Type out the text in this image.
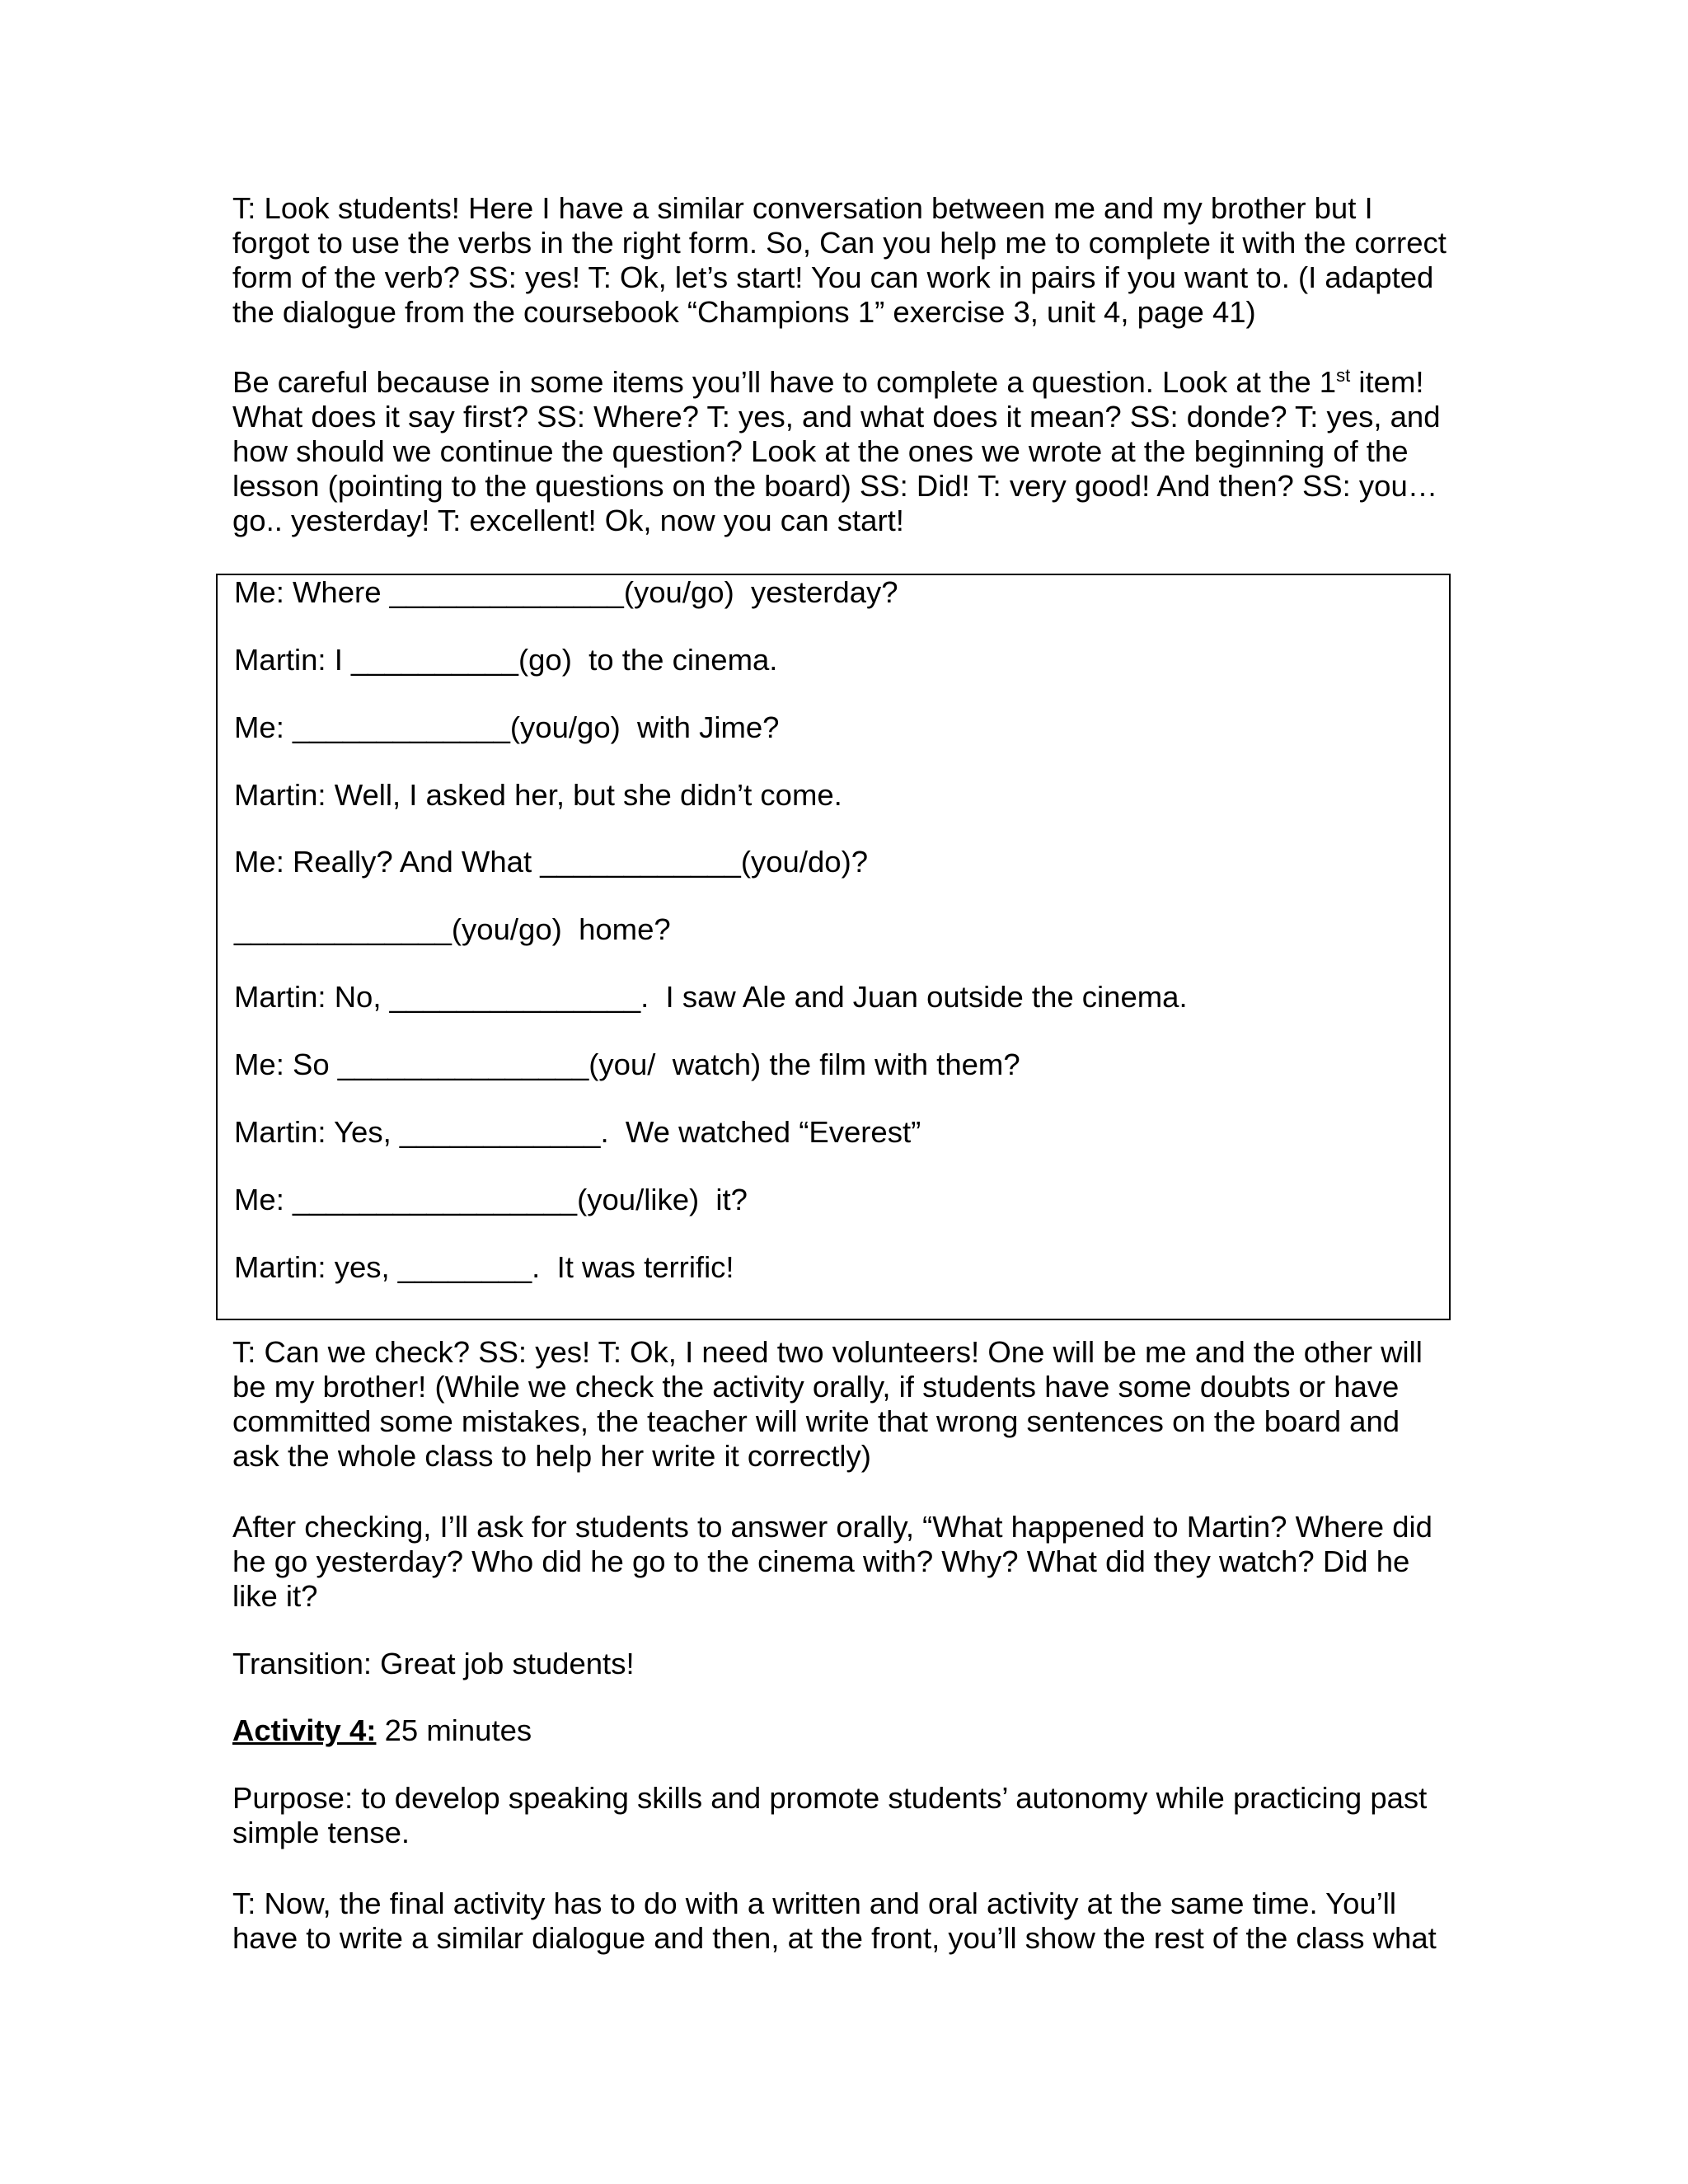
T: Look students! Here I have a similar conversation between me and my brother but I forgot to use the verbs in the right form. So, Can you help me to complete it with the correct form of the verb? SS: yes! T: Ok, let’s start! You can work in pairs if you want to. (I adapted the dialogue from the coursebook “Champions 1” exercise 3, unit 4, page 41)

Be careful because in some items you’ll have to complete a question. Look at the 1st item! What does it say first? SS: Where? T: yes, and what does it mean? SS: donde? T: yes, and how should we continue the question? Look at the ones we wrote at the beginning of the lesson (pointing to the questions on the board) SS: Did! T: very good! And then? SS: you… go.. yesterday! T: excellent! Ok, now you can start!

Me: Where ______________(you/go)  yesterday?
Martin: I __________(go)  to the cinema.
Me: _____________(you/go)  with Jime?
Martin: Well, I asked her, but she didn’t come.
Me: Really? And What ____________(you/do)?
_____________(you/go)  home?
Martin: No, _______________.  I saw Ale and Juan outside the cinema.
Me: So _______________(you/  watch) the film with them?
Martin: Yes, ____________.  We watched “Everest”
Me: _________________(you/like)  it?
Martin: yes, ________.  It was terrific!

T: Can we check? SS: yes! T: Ok, I need two volunteers! One will be me and the other will be my brother! (While we check the activity orally, if students have some doubts or have committed some mistakes, the teacher will write that wrong sentences on the board and ask the whole class to help her write it correctly)

After checking, I’ll ask for students to answer orally, “What happened to Martin? Where did he go yesterday? Who did he go to the cinema with? Why? What did they watch? Did he like it?

Transition: Great job students!

Activity 4: 25 minutes

Purpose: to develop speaking skills and promote students’ autonomy while practicing past simple tense.

T: Now, the final activity has to do with a written and oral activity at the same time. You’ll have to write a similar dialogue and then, at the front, you’ll show the rest of the class what
